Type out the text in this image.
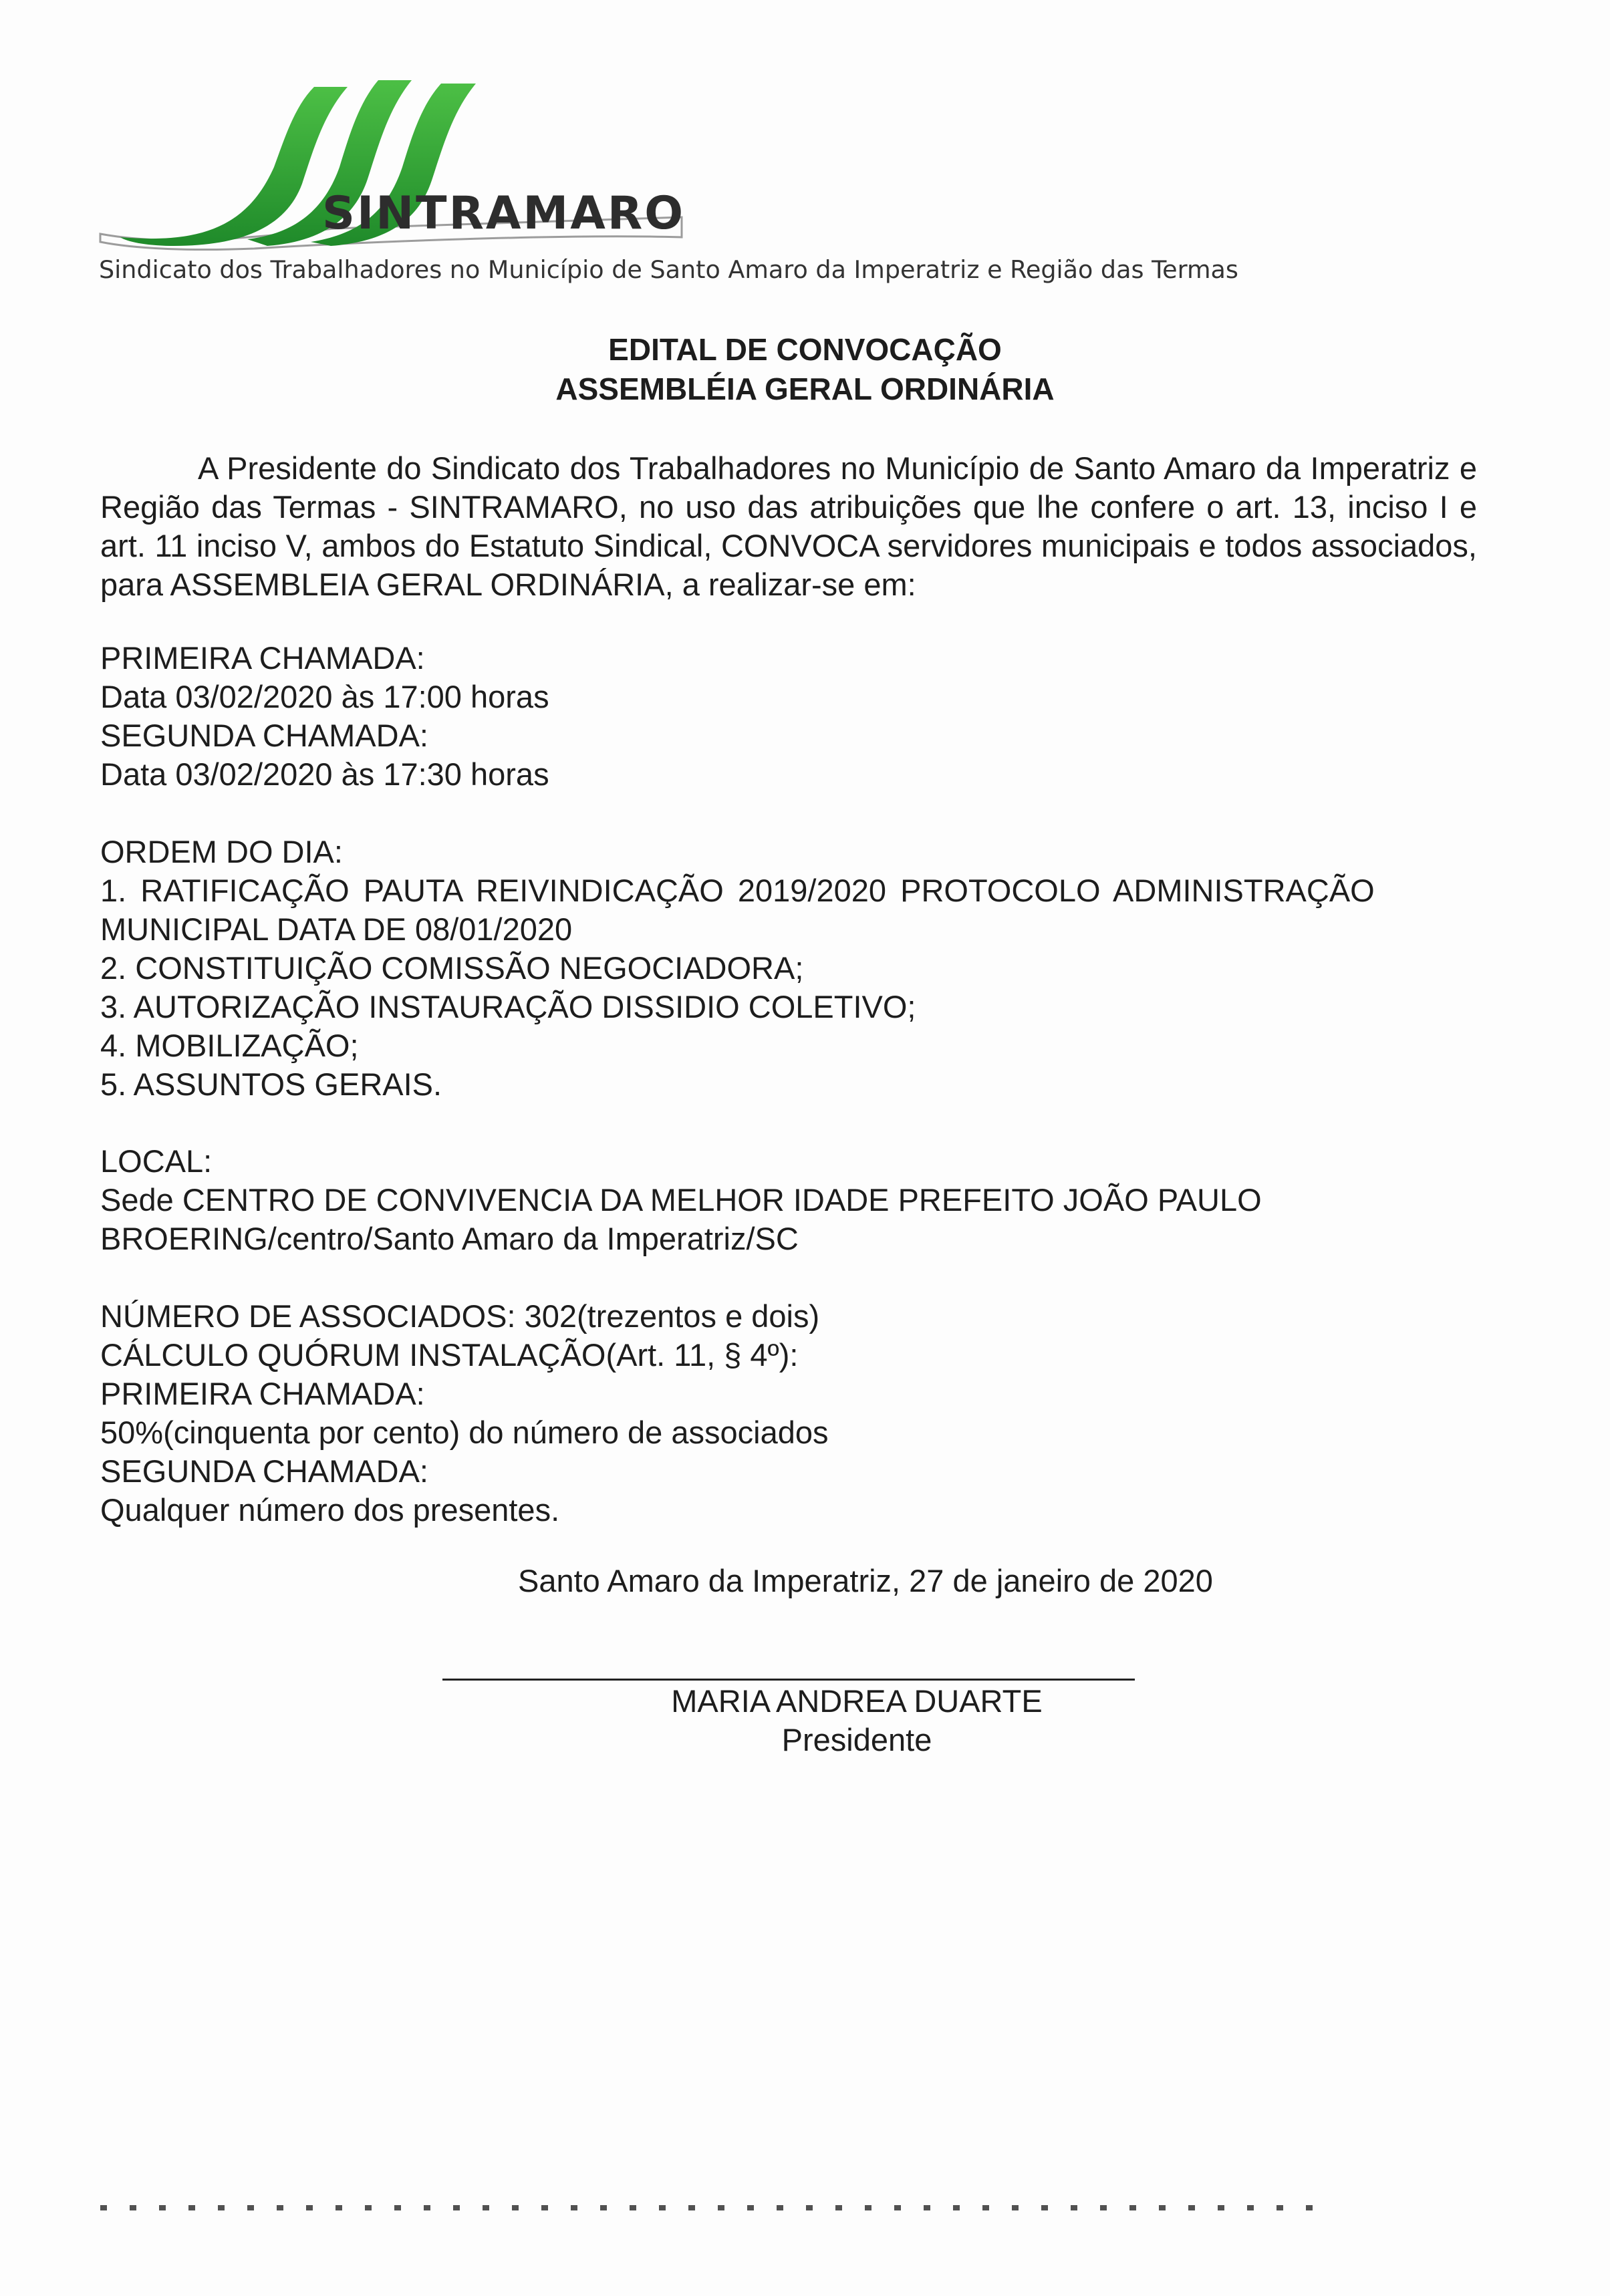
SINTRAMARO
Sindicato dos Trabalhadores no Município de Santo Amaro da Imperatriz e Região das Termas
EDITAL DE CONVOCAÇÃO
ASSEMBLÉIA GERAL ORDINÁRIA
A Presidente do Sindicato dos Trabalhadores no Município de Santo Amaro da Imperatriz e Região das Termas - SINTRAMARO, no uso das atribuições que lhe confere o art. 13, inciso I e art. 11 inciso V, ambos do Estatuto Sindical, CONVOCA servidores municipais e todos associados, para ASSEMBLEIA GERAL ORDINÁRIA, a realizar-se em:
PRIMEIRA CHAMADA:
Data 03/02/2020 às 17:00 horas
SEGUNDA CHAMADA:
Data 03/02/2020 às 17:30 horas
ORDEM DO DIA:
1. RATIFICAÇÃO PAUTA REIVINDICAÇÃO 2019/2020 PROTOCOLO ADMINISTRAÇÃO
MUNICIPAL DATA DE 08/01/2020
2. CONSTITUIÇÃO COMISSÃO NEGOCIADORA;
3. AUTORIZAÇÃO INSTAURAÇÃO DISSIDIO COLETIVO;
4. MOBILIZAÇÃO;
5. ASSUNTOS GERAIS.
LOCAL:
Sede CENTRO DE CONVIVENCIA DA MELHOR IDADE PREFEITO JOÃO PAULO
BROERING/centro/Santo Amaro da Imperatriz/SC
NÚMERO DE ASSOCIADOS: 302(trezentos e dois)
CÁLCULO QUÓRUM INSTALAÇÃO(Art. 11, § 4º):
PRIMEIRA CHAMADA:
50%(cinquenta por cento) do número de associados
SEGUNDA CHAMADA:
Qualquer número dos presentes.
Santo Amaro da Imperatriz, 27 de janeiro de 2020
MARIA ANDREA DUARTE
Presidente
